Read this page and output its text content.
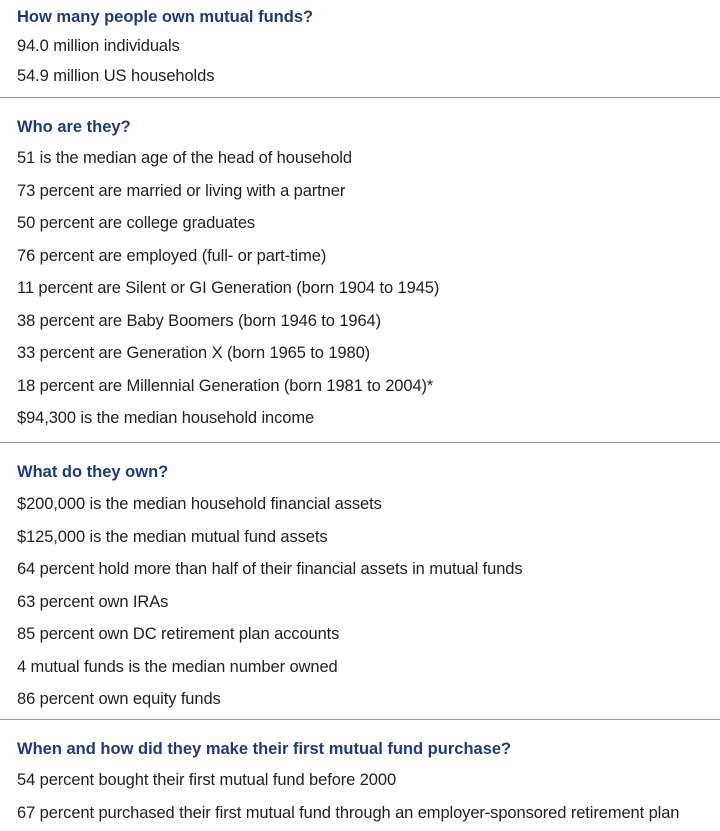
How many people own mutual funds?
94.0 million individuals
54.9 million US households
Who are they?
51 is the median age of the head of household
73 percent are married or living with a partner
50 percent are college graduates
76 percent are employed (full- or part-time)
11 percent are Silent or GI Generation (born 1904 to 1945)
38 percent are Baby Boomers (born 1946 to 1964)
33 percent are Generation X (born 1965 to 1980)
18 percent are Millennial Generation (born 1981 to 2004)*
$94,300 is the median household income
What do they own?
$200,000 is the median household financial assets
$125,000 is the median mutual fund assets
64 percent hold more than half of their financial assets in mutual funds
63 percent own IRAs
85 percent own DC retirement plan accounts
4 mutual funds is the median number owned
86 percent own equity funds
When and how did they make their first mutual fund purchase?
54 percent bought their first mutual fund before 2000
67 percent purchased their first mutual fund through an employer-sponsored retirement plan
